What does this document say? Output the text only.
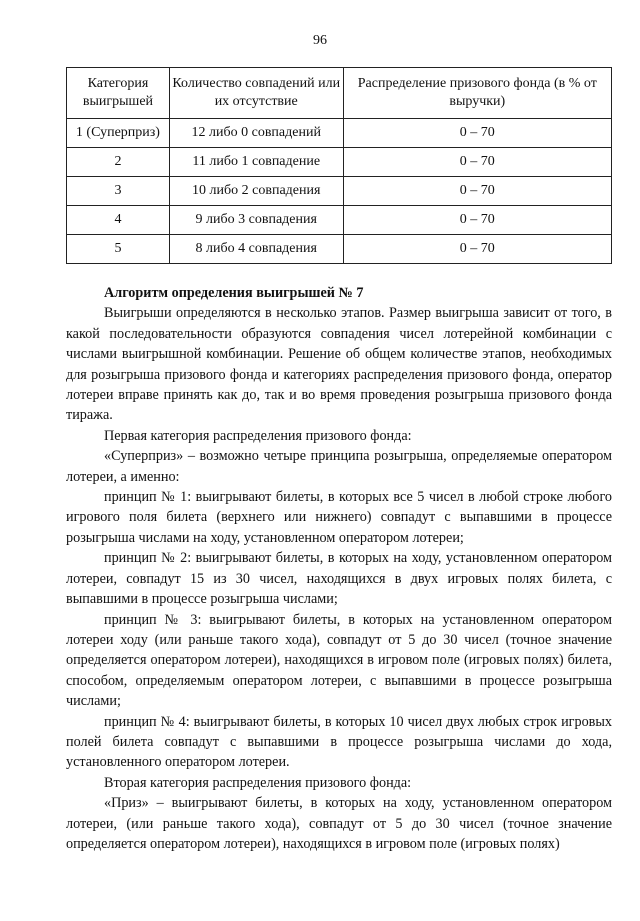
96
Категория выигрышей	Количество совпадений или их отсутствие	Распределение призового фонда (в % от выручки)
1 (Суперприз)	12 либо 0 совпадений	0 – 70
2	11 либо 1 совпадение	0 – 70
3	10 либо 2 совпадения	0 – 70
4	9 либо 3 совпадения	0 – 70
5	8 либо 4 совпадения	0 – 70
Алгоритм определения выигрышей № 7

Выигрыши определяются в несколько этапов. Размер выигрыша зависит от того, в какой последовательности образуются совпадения чисел лотерейной комбинации с числами выигрышной комбинации. Решение об общем количестве этапов, необходимых для розыгрыша призового фонда и категориях распределения призового фонда, оператор лотереи вправе принять как до, так и во время проведения розыгрыша призового фонда тиража.

Первая категория распределения призового фонда:

«Суперприз» – возможно четыре принципа розыгрыша, определяемые оператором лотереи, а именно:

принцип № 1: выигрывают билеты, в которых все 5 чисел в любой строке любого игрового поля билета (верхнего или нижнего) совпадут с выпавшими в процессе розыгрыша числами на ходу, установленном оператором лотереи;

принцип № 2: выигрывают билеты, в которых на ходу, установленном оператором лотереи, совпадут 15 из 30 чисел, находящихся в двух игровых полях билета, с выпавшими в процессе розыгрыша числами;

принцип № 3: выигрывают билеты, в которых на установленном оператором лотереи ходу (или раньше такого хода), совпадут от 5 до 30 чисел (точное значение определяется оператором лотереи), находящихся в игровом поле (игровых полях) билета, способом, определяемым оператором лотереи, с выпавшими в процессе розыгрыша числами;

принцип № 4: выигрывают билеты, в которых 10 чисел двух любых строк игровых полей билета совпадут с выпавшими в процессе розыгрыша числами до хода, установленного оператором лотереи.

Вторая категория распределения призового фонда:

«Приз» – выигрывают билеты, в которых на ходу, установленном оператором лотереи, (или раньше такого хода), совпадут от 5 до 30 чисел (точное значение определяется оператором лотереи), находящихся в игровом поле (игровых полях)
